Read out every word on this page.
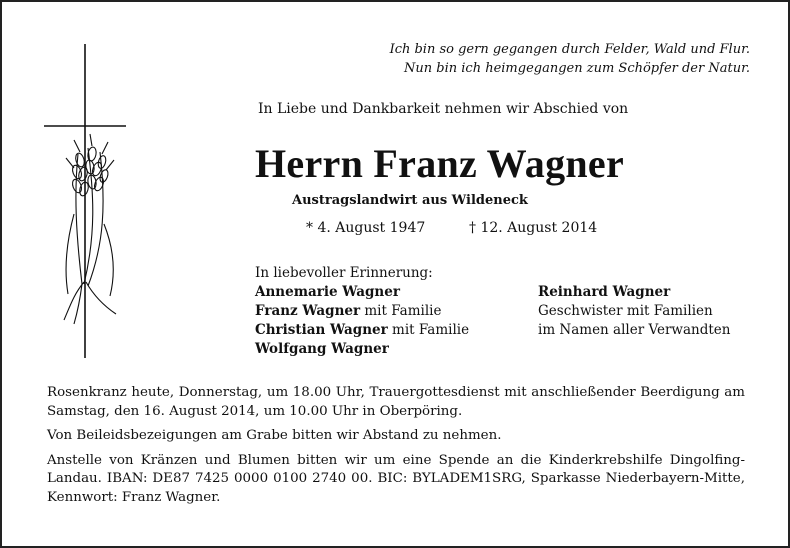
Ich bin so gern gegangen durch Felder, Wald und Flur.
Nun bin ich heimgegangen zum Schöpfer der Natur.
In Liebe und Dankbarkeit nehmen wir Abschied von
Herrn Franz Wagner
Austragslandwirt aus Wildeneck
* 4. August 1947	† 12. August 2014
In liebevoller Erinnerung:
Annemarie Wagner
Franz Wagner mit Familie
Christian Wagner mit Familie
Wolfgang Wagner
Reinhard Wagner
Geschwister mit Familien
im Namen aller Verwandten

Rosenkranz heute, Donnerstag, um 18.00 Uhr, Trauergottesdienst mit anschließender Beerdigung am Samstag, den 16. August 2014, um 10.00 Uhr in Oberpöring.

Von Beileidsbezeigungen am Grabe bitten wir Abstand zu nehmen.

Anstelle von Kränzen und Blumen bitten wir um eine Spende an die Kinderkrebshilfe Dingolfing-Landau. IBAN: DE87 7425 0000 0100 2740 00. BIC: BYLADEM1SRG, Sparkasse Niederbayern-Mitte, Kennwort: Franz Wagner.
